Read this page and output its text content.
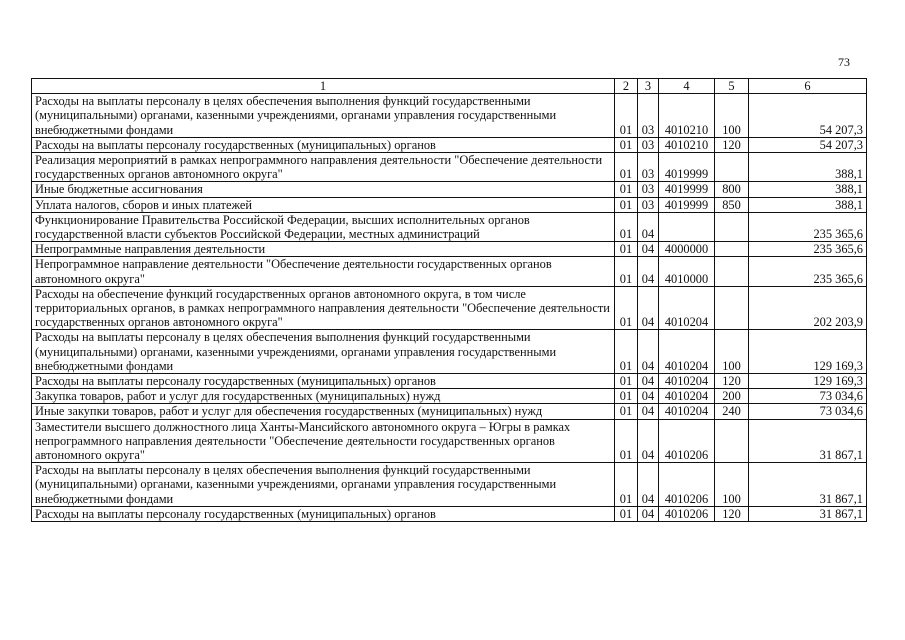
73
1	2	3	4	5	6
Расходы на выплаты персоналу в целях обеспечения выполнения функций государственными (муниципальными) органами, казенными учреждениями, органами управления государственными внебюджетными фондами	01	03	4010210	100	54 207,3
Расходы на выплаты персоналу государственных (муниципальных) органов	01	03	4010210	120	54 207,3
Реализация мероприятий в рамках непрограммного направления деятельности "Обеспечение деятельности государственных органов автономного округа"	01	03	4019999		388,1
Иные бюджетные ассигнования	01	03	4019999	800	388,1
Уплата налогов, сборов и иных платежей	01	03	4019999	850	388,1
Функционирование Правительства Российской Федерации, высших исполнительных органов государственной власти субъектов Российской Федерации, местных администраций	01	04			235 365,6
Непрограммные направления деятельности	01	04	4000000		235 365,6
Непрограммное направление деятельности "Обеспечение деятельности государственных органов автономного округа"	01	04	4010000		235 365,6
Расходы на обеспечение функций государственных органов автономного округа, в том числе территориальных органов, в рамках непрограммного направления деятельности "Обеспечение деятельности государственных органов автономного округа"	01	04	4010204		202 203,9
Расходы на выплаты персоналу в целях обеспечения выполнения функций государственными (муниципальными) органами, казенными учреждениями, органами управления государственными внебюджетными фондами	01	04	4010204	100	129 169,3
Расходы на выплаты персоналу государственных (муниципальных) органов	01	04	4010204	120	129 169,3
Закупка товаров, работ и услуг для государственных (муниципальных) нужд	01	04	4010204	200	73 034,6
Иные закупки товаров, работ и услуг для обеспечения государственных (муниципальных) нужд	01	04	4010204	240	73 034,6
Заместители высшего должностного лица Ханты-Мансийского автономного округа – Югры в рамках непрограммного направления деятельности "Обеспечение деятельности государственных органов автономного округа"	01	04	4010206		31 867,1
Расходы на выплаты персоналу в целях обеспечения выполнения функций государственными (муниципальными) органами, казенными учреждениями, органами управления государственными внебюджетными фондами	01	04	4010206	100	31 867,1
Расходы на выплаты персоналу государственных (муниципальных) органов	01	04	4010206	120	31 867,1
